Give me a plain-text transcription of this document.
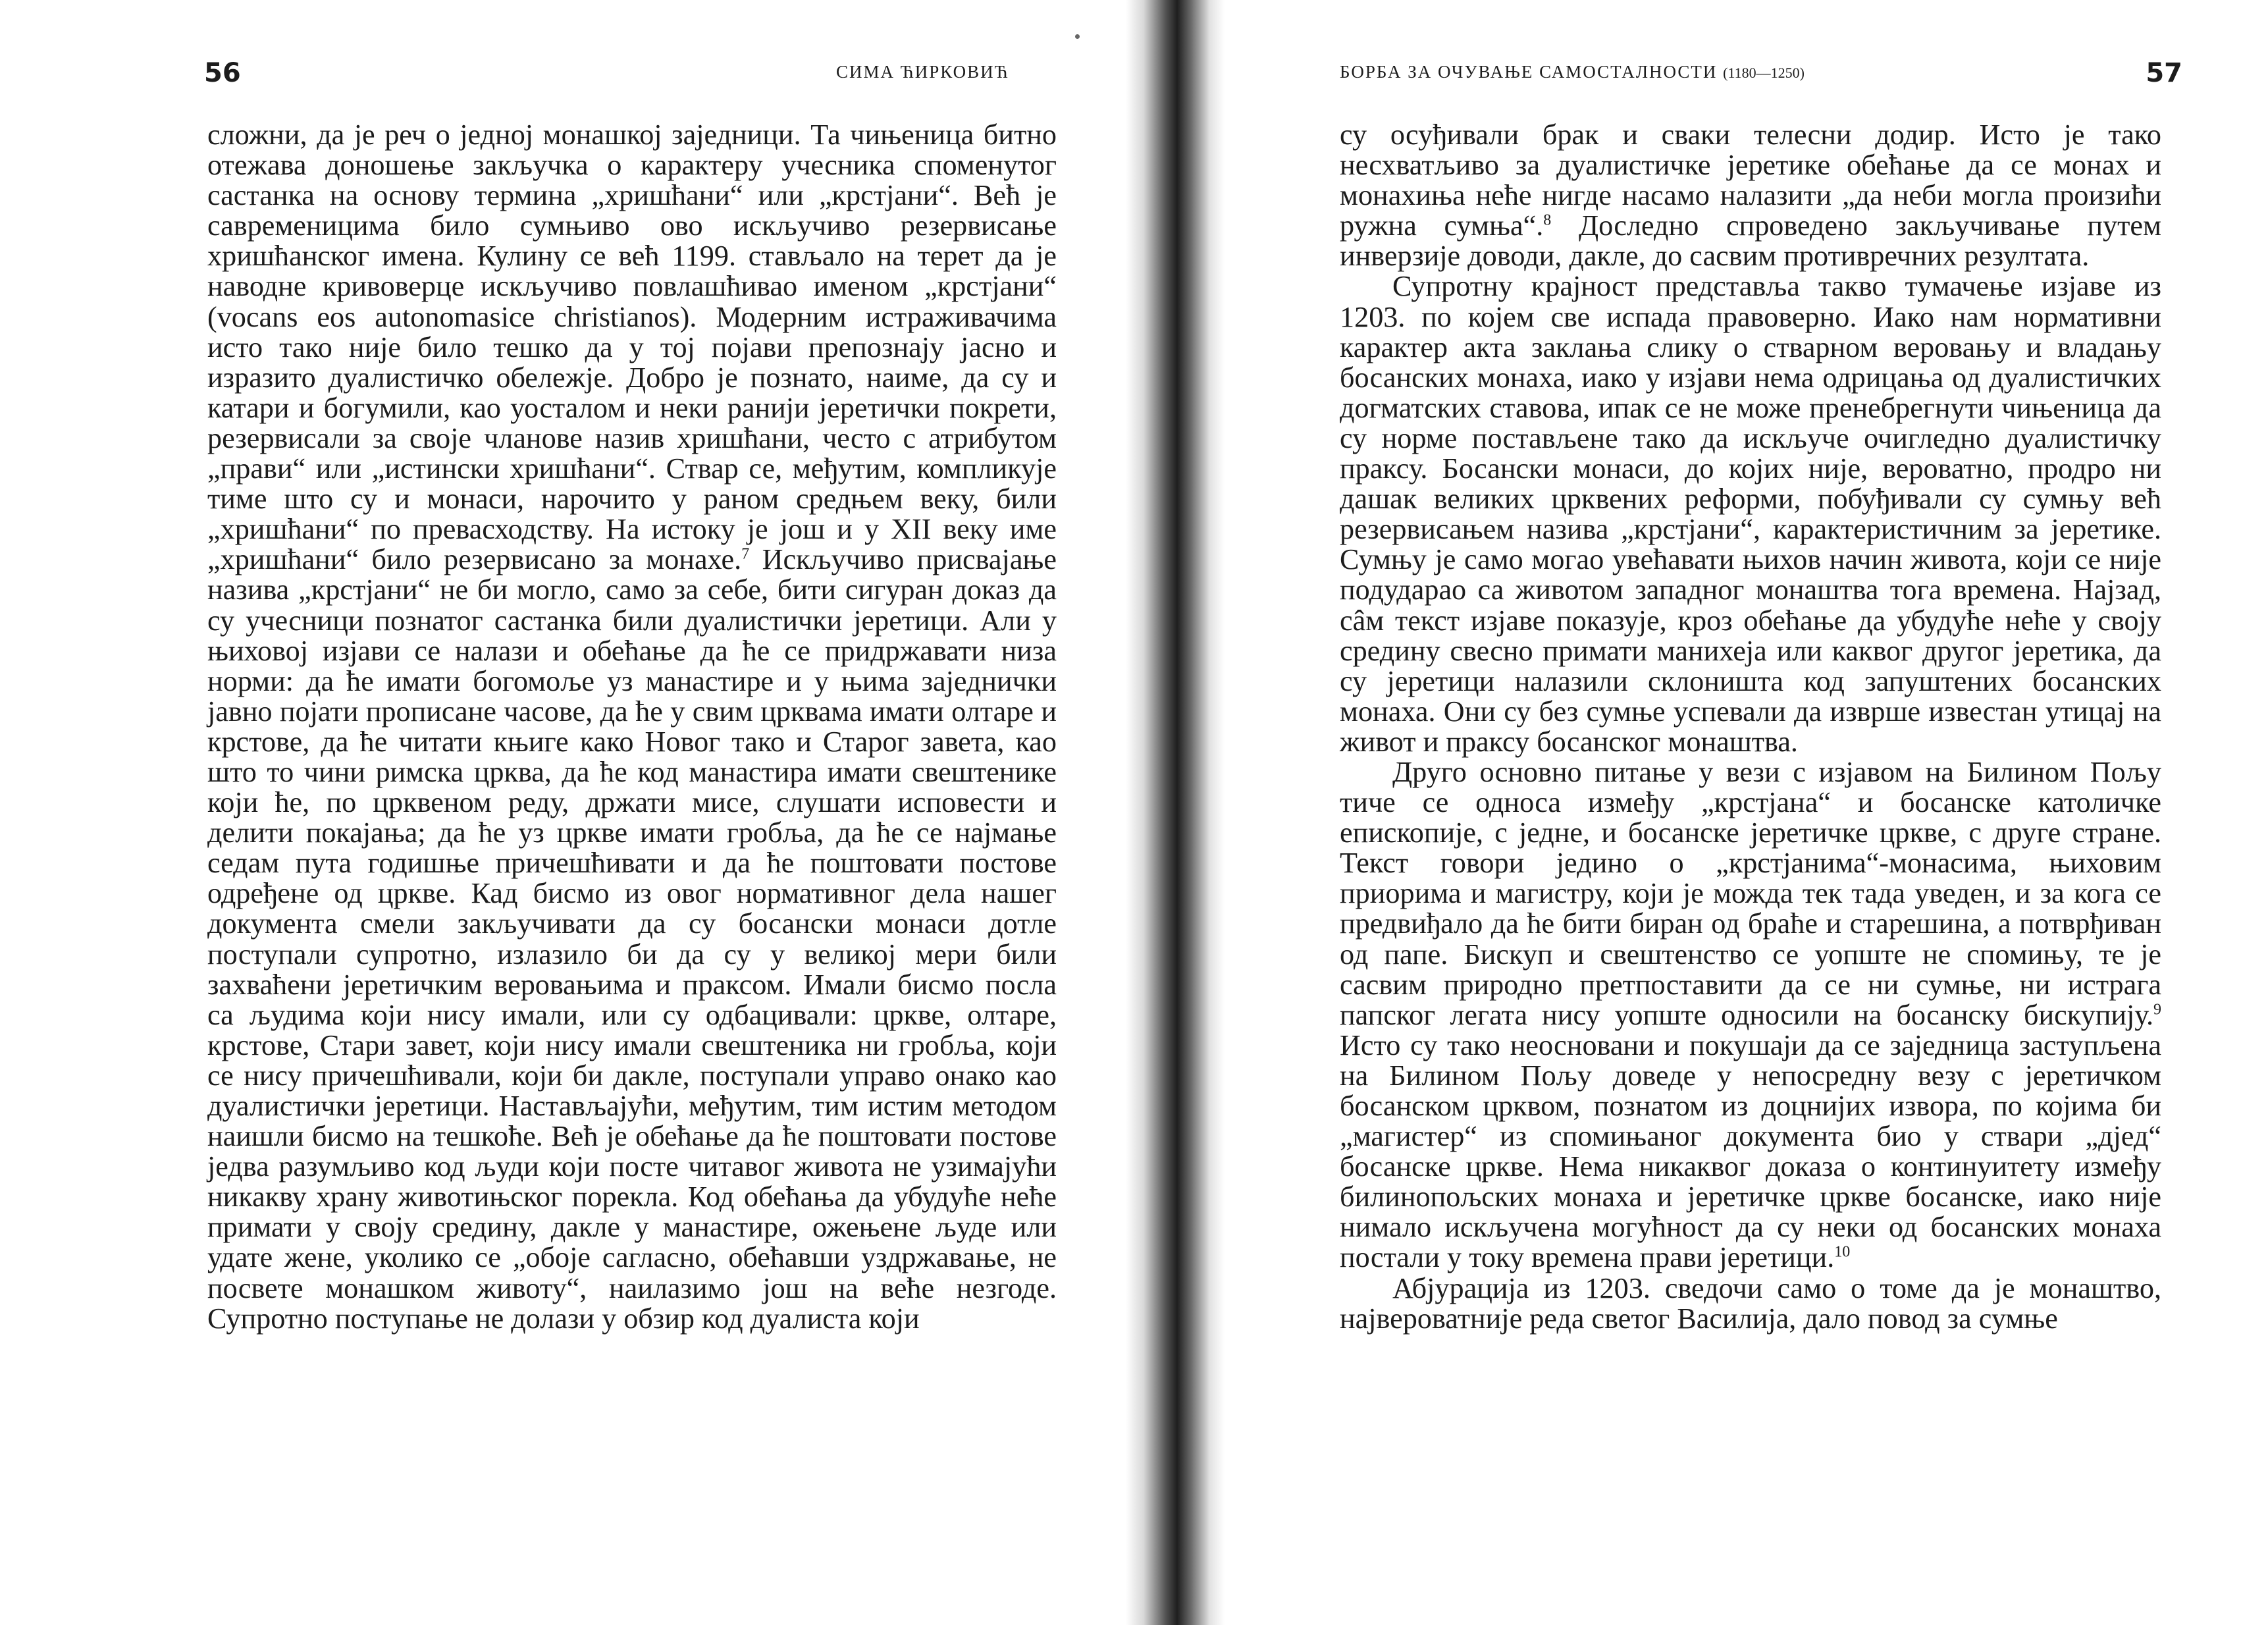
56	СИМА ЋИРКОВИЋ

сложни, да је реч о једној монашкој заједници. Та чињеница битно отежава доношење закључка о карактеру учесника споменутог састанка на основу термина „хришћани“ или „крстјани“. Већ је савременицима било сумњиво ово искључиво резервисање хришћанског имена. Кулину се већ 1199. стављало на терет да је наводне кривоверце искључиво повлашћивао именом „крстјани“ (vocans eos autonomasice christianos). Модерним истраживачима исто тако није било тешко да у тој појави препознају јасно и изразито дуалистичко обележје. Добро је познато, наиме, да су и катари и богумили, као уосталом и неки ранији јеретички покрети, резервисали за своје чланове назив хришћани, често с атрибутом „прави“ или „истински хришћани“. Ствар се, међутим, компликује тиме што су и монаси, нарочито у раном средњем веку, били „хришћани“ по превасходству. На истоку је још и у XII веку име „хришћани“ било резервисано за монахе.$^7$ Искључиво присвајање назива „крстјани“ не би могло, само за себе, бити сигуран доказ да су учесници познатог састанка били дуалистички јеретици. Али у њиховој изјави се налази и обећање да ће се придржавати низа норми: да ће имати богомоље уз манастире и у њима заједнички јавно појати прописане часове, да ће у свим црквама имати олтаре и крстове, да ће читати књиге како Новог тако и Старог завета, као што то чини римска црква, да ће код манастира имати свештенике који ће, по црквеном реду, држати мисе, слушати исповести и делити покајања; да ће уз цркве имати гробља, да ће се најмање седам пута годишње причешћивати и да ће поштовати постове одређене од цркве. Кад бисмо из овог нормативног дела нашег документа смели закључивати да су босански монаси дотле поступали супротно, излазило би да су у великој мери били захваћени јеретичким веровањима и праксом. Имали бисмо посла са људима који нису имали, или су одбацивали: цркве, олтаре, крстове, Стари завет, који нису имали свештеника ни гробља, који се нису причешћивали, који би дакле, поступали управо онако као дуалистички јеретици. Настављајући, међутим, тим истим методом наишли бисмо на тешкоће. Већ је обећање да ће поштовати постове једва разумљиво код људи који посте читавог живота не узимајући никакву храну животињског порекла. Код обећања да убудуће неће примати у своју средину, дакле у манастире, ожењене људе или удате жене, уколико се „обоје сагласно, обећавши уздржавање, не посвете монашком животу“, наилазимо још на веће незгоде. Супротно поступање не долази у обзир код дуалиста који

БОРБА ЗА ОЧУВАЊЕ САМОСТАЛНОСТИ (1180—1250)	57

су осуђивали брак и сваки телесни додир. Исто је тако несхватљиво за дуалистичке јеретике обећање да се монах и монахиња неће нигде насамо налазити „да неби могла произићи ружна сумња“.$^8$ Доследно спроведено закључивање путем инверзије доводи, дакле, до сасвим противречних резултата.

Супротну крајност представља такво тумачење изјаве из 1203. по којем све испада правоверно. Иако нам нормативни карактер акта заклања слику о стварном веровању и владању босанских монаха, иако у изјави нема одрицања од дуалистичких догматских ставова, ипак се не може пренебрегнути чињеница да су норме постављене тако да искључе очигледно дуалистичку праксу. Босански монаси, до којих није, вероватно, продро ни дашак великих црквених реформи, побуђивали су сумњу већ резервисањем назива „крстјани“, карактеристичним за јеретике. Сумњу је само могао увећавати њихов начин живота, који се није подударао са животом западног монаштва тога времена. Најзад, сâм текст изјаве показује, кроз обећање да убудуће неће у своју средину свесно примати манихеја или каквог другог јеретика, да су јеретици налазили склоништа код запуштених босанских монаха. Они су без сумње успевали да изврше известан утицај на живот и праксу босанског монаштва.

Друго основно питање у вези с изјавом на Билином Пољу тиче се односа између „крстјана“ и босанске католичке епископије, с једне, и босанске јеретичке цркве, с друге стране. Текст говори једино о „крстјанима“-монасима, њиховим приорима и магистру, који је можда тек тада уведен, и за кога се предвиђало да ће бити биран од браће и старешина, а потврђиван од папе. Бискуп и свештенство се уопште не спомињу, те је сасвим природно претпоставити да се ни сумње, ни истрага папског легата нису уопште односили на босанску бискупију.$^9$ Исто су тако неосновани и покушаји да се заједница заступљена на Билином Пољу доведе у непосредну везу с јеретичком босанском црквом, познатом из доцнијих извора, по којима би „магистер“ из спомињаног документа био у ствари „дјед“ босанске цркве. Нема никаквог доказа о континуитету између билинопољских монаха и јеретичке цркве босанске, иако није нимало искључена могућност да су неки од босанских монаха постали у току времена прави јеретици.$^{10}$

Абјурација из 1203. сведочи само о томе да је монаштво, највероватније реда светог Василија, дало повод за сумње
